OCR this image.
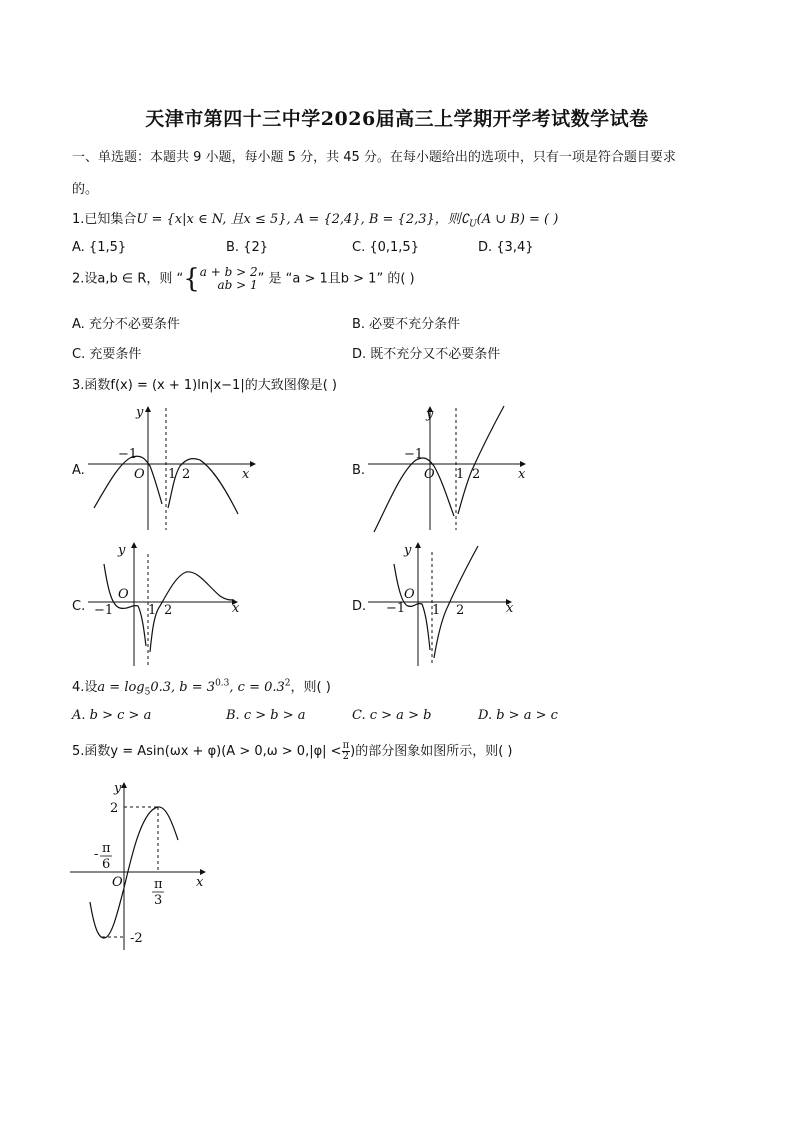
天津市第四十三中学2026届高三上学期开学考试数学试卷
一、单选题：本题共 9 小题，每小题 5 分，共 45 分。在每小题给出的选项中，只有一项是符合题目要求
的。
1.已知集合U = {x|x ∈ N, 且x ≤ 5}, A = {2,4}, B = {2,3}，则$∁_U(A$ ∪ B) = ( )
A. {1,5}	B. {2}	C. {0,1,5}	D. {3,4}
2.设a,b ∈ R，则 “{ a + b > 2
ab > 1 ” 是 “a > 1且b > 1” 的( )
A. 充分不必要条件	B. 必要不充分条件
C. 充要条件	D. 既不充分又不必要条件
3.函数f(x) = (x + 1)ln|x−1|的大致图像是( )
A.	B.
C.	D.
−1
O 1 2	x
y
−1
O 1 2	x
y
−1
O
1 2	x
y
−1
O
1 2	x
y
4.设$a = \log_50.3$, $b = 3^{0.3}$, $c = 0.3^2$，则( )
A. b > c > a	B. c > b > a	C. c > a > b	D. b > a > c
5.函数$y = Asin(\omega x + \varphi)(A > 0,\omega > 0,|\varphi| < \frac{\pi}{2}$ )的部分图象如图所示，则( )
2
-2
- π
6
O π
3
x
y
